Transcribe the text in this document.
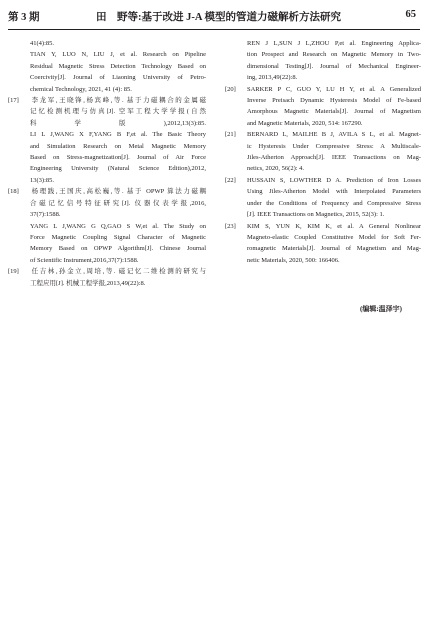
第 3 期	田　野等:基于改进 J-A 模型的管道力磁解析方法研究	65
41(4):85.
TIAN Y, LUO N, LIU J, et al. Research on Pipeline
Residual Magnetic Stress Detection Technology Based on
Coercivity[J]. Journal of Liaoning University of Petro-
chemical Technology, 2021, 41 (4): 85.
[17] 李龙军,王晓锋,杨宾峰,等. 基于力磁耦合的金属磁
记忆检测机理与仿真[J]. 空军工程大学学报(自然
科学版),2012,13(3):85.
LI L J,WANG X F,YANG B F,et al. The Basic Theory
and Simulation Research on Metal Magnetic Memory
Based on Stress-magnetization[J]. Journal of Air Force
Engineering University (Natural Science Edition),2012,
13(3):85.
[18] 杨理践,王国庆,高松巍,等. 基于 OPWP 算法力磁耦
合磁记忆信号特征研究[J]. 仪器仪表学报,2016,
37(7):1588.
YANG L J,WANG G Q,GAO S W,et al. The Study on
Force Magnetic Coupling Signal Character of Magnetic
Memory Based on OPWP Algorithm[J]. Chinese Journal
of Scientific Instrument,2016,37(7):1588.
[19] 任吉林,孙金立,周培,等. 磁记忆二维检测的研究与
工程应用[J]. 机械工程学报,2013,49(22):8.
REN J L,SUN J L,ZHOU P,et al. Engineering Applica-
tion Prospect and Research on Magnetic Memory in Two-
dimensional Testing[J]. Journal of Mechanical Engineer-
ing, 2013,49(22):8.
[20] SARKER P C, GUO Y, LU H Y, et al. A Generalized
Inverse Preisach Dynamic Hysteresis Model of Fe-based
Amorphous Magnetic Materials[J]. Journal of Magnetism
and Magnetic Materials, 2020, 514: 167290.
[21] BERNARD L, MAILHE B J, AVILA S L, et al. Magnet-
ic Hysteresis Under Compressive Stress: A Multiscale-
Jiles-Atherton Approach[J]. IEEE Transactions on Mag-
netics, 2020, 56(2): 4.
[22] HUSSAIN S, LOWTHER D A. Prediction of Iron Losses
Using Jiles-Atherton Model with Interpolated Parameters
under the Conditions of Frequency and Compressive Stress
[J]. IEEE Transactions on Magnetics, 2015, 52(3): 1.
[23] KIM S, YUN K, KIM K, et al. A General Nonlinear
Magneto-elastic Coupled Constitutive Model for Soft Fer-
romagnetic Materials[J]. Journal of Magnetism and Mag-
netic Materials, 2020, 500: 166406.
(编辑:温泽宇)
